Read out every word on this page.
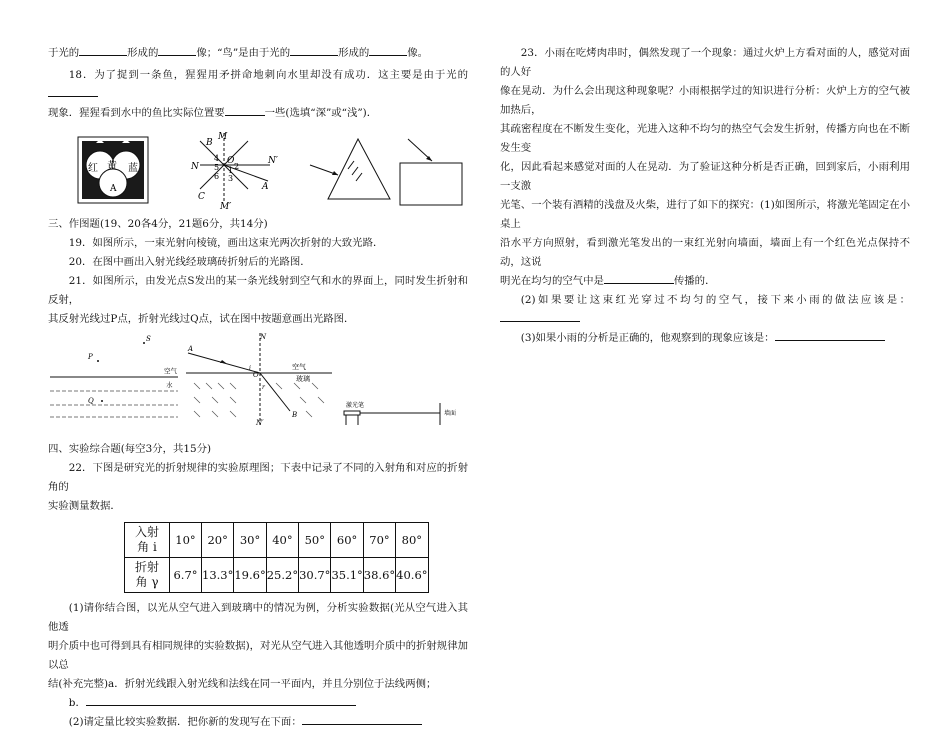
于光的	形成的	像；“鸟”是由于光的	形成的	像。

18．为了捉到一条鱼，猩猩用矛拼命地刺向水里却没有成功．这主要是由于光的

现象．猩猩看到水中的鱼比实际位置要	一些(选填“深”或“浅”)．

红 黄 蓝
A
M
B
N
N′
O
A
C
M′
4
5
6
1 2
3

三、作图题(19、20各4分，21题6分，共14分)

19．如图所示，一束光射向棱镜，画出这束光两次折射的大致光路．

20．在图中画出入射光线经玻璃砖折射后的光路图．

21．如图所示，由发光点S发出的某一条光线射到空气和水的界面上，同时发生折射和反射，

其反射光线过P点，折射光线过Q点，试在图中按题意画出光路图．

S
P
空气
水
Q
N
A
i
O
r
B
N′
空气
玻璃
激光笔
墙面

四、实验综合题(每空3分，共15分)

22．下图是研究光的折射规律的实验原理图；下表中记录了不同的入射角和对应的折射角的

实验测量数据．

入射
角 i	10°	20°	30°	40°	50°	60°	70°	80°
折射
角 γ	6.7°	13.3°	19.6°	25.2°	30.7°	35.1°	38.6°	40.6°

(1)请你结合图，以光从空气进入到玻璃中的情况为例，分析实验数据(光从空气进入其他透

明介质中也可得到具有相同规律的实验数据)，对光从空气进入其他透明介质中的折射规律加以总

结(补充完整)a．折射光线跟入射光线和法线在同一平面内，并且分别位于法线两侧；

b．

(2)请定量比较实验数据．把你新的发现写在下面：

23．小雨在吃烤肉串时，偶然发现了一个现象：通过火炉上方看对面的人，感觉对面的人好

像在晃动．为什么会出现这种现象呢？小雨根据学过的知识进行分析：火炉上方的空气被加热后，

其疏密程度在不断发生变化，光进入这种不均匀的热空气会发生折射，传播方向也在不断发生变

化，因此看起来感觉对面的人在晃动．为了验证这种分析是否正确，回到家后，小雨利用一支激

光笔、一个装有酒精的浅盘及火柴，进行了如下的探究：(1)如图所示，将激光笔固定在小桌上

沿水平方向照射，看到激光笔发出的一束红光射向墙面，墙面上有一个红色光点保持不动，这说

明光在均匀的空气中是	传播的．

(2)如果要让这束红光穿过不均匀的空气，接下来小雨的做法应该是：

(3)如果小雨的分析是正确的，他观察到的现象应该是：
